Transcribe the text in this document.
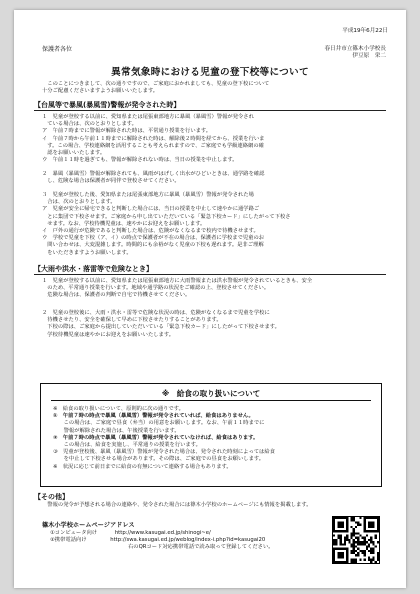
平成19年6月22日
保護者各位	春日井市立篠木小学校長
伊豆原　栄二
異常気象時における児童の登下校等について
　このことにつきまして、次の通りですので、ご家庭におかれましても、児童の登下校について
十分ご配慮くださいますようお願いいたします。
【台風等で暴風(暴風雪)警報が発令された時】
１　児童が登校する以前に、愛知県または尾張東部地方に暴風（暴風雪）警報が発令され
　ている場合は、次のとおりとします。
ア　午前７時までに警報が解除された時は、平常通り授業を行います。
イ　午前７時から午前１１時までに解除された時は、解除後２時間を経てから、授業を行いま
　す。この場合、学校連絡網を活用することも考えられますので、ご家庭でも学級連絡網の確
　認をお願いいたします。
ウ　午前１１時を過ぎても、警報が解除されない時は、当日の授業を中止します。
２　暴風（暴風雪）警報が解除されても、風雨がはげしく出水がひどいときは、通学路を確認
　し、危険な場合は保護者が同伴で登校させてください。
３　児童が登校した後、愛知県または尾張東部地方に暴風（暴風雪）警報が発令された場
　合は、次のとおりとします。
ア　児童が安全に帰宅できると判断した場合には、当日の授業を中止して速やかに通学路ご
　とに集団で下校させます。ご家庭から申し出ていただいている「緊急下校カード」にしたがって下校さ
　せます。なお、学校待機児童は、速やかにお迎えをお願いします。
イ　戸外の通行が危険であると判断した場合は、危険がなくなるまで校内で待機させます。
ウ　学校で児童を下校（ア、イ）の時点で保護者が不在の場合は、保護者に学校まで児童のお
　問い合わせは、大変混雑します。時間的にも余裕がなく児童の下校も遅れます。是非ご理解
　をいただきますようお願いします。
【大雨や洪水・落雷等で危険なとき】
１　児童が登校する以前に、愛知県または尾張東部地方に大雨警報または洪水警報が発令されているときも、安全
　のため、平常通り授業を行います。地域や通学路の状況をご確認の上、登校させてください。
　危険な場合は、保護者の判断で自宅で待機させてください。
２　児童の登校後に、大雨・洪水・雷等で危険な状況の時は、危険がなくなるまで児童を学校に
　待機させたり、安全を確保して早めに下校させたりすることがあります。
　下校の際は、ご家庭から提出していただいている「緊急下校カード」にしたがって下校させます。
　学校待機児童は速やかにお迎えをお願いいたします。
※　給食の取り扱いについて
※　給食の取り扱いについて、原則的に次の通りです。
①　午前７時の時点で暴風（暴風雪）警報が発令されていれば、給食はありません。
　　この場合は、ご家庭で昼食（弁当）の用意をお願いします。なお、午前１１時までに
　　警報が解除された場合は、午後授業を行います。
②　午前７時の時点で暴風（暴風雪）警報が発令されていなければ、給食はあります。
　　この場合は、給食を実施し、平常通りの授業を行います。
③　児童が登校後、暴風（暴風雪）警報が発令された場合は、発令された時刻によっては給食
　　を中止して下校させる場合があります。その際は、ご家庭での昼食をお願いします。
※　状況に応じて前日までに給食の有無について連絡する場合もあります。
【その他】
　警報の発令が予想される場合の連絡や、発令された場合には篠木小学校のホームページにも情報を掲載します。
篠木小学校ホームページアドレス
①コンピュータ向け	http://www.kasugai.ed.jp/shinogi~e/
②携帯電話向け	http://swa.kasugai.ed.jp/weblog/index-i.php?id=kasugai20
右のQRコード対応携帯電話で読み取って登録してください。
